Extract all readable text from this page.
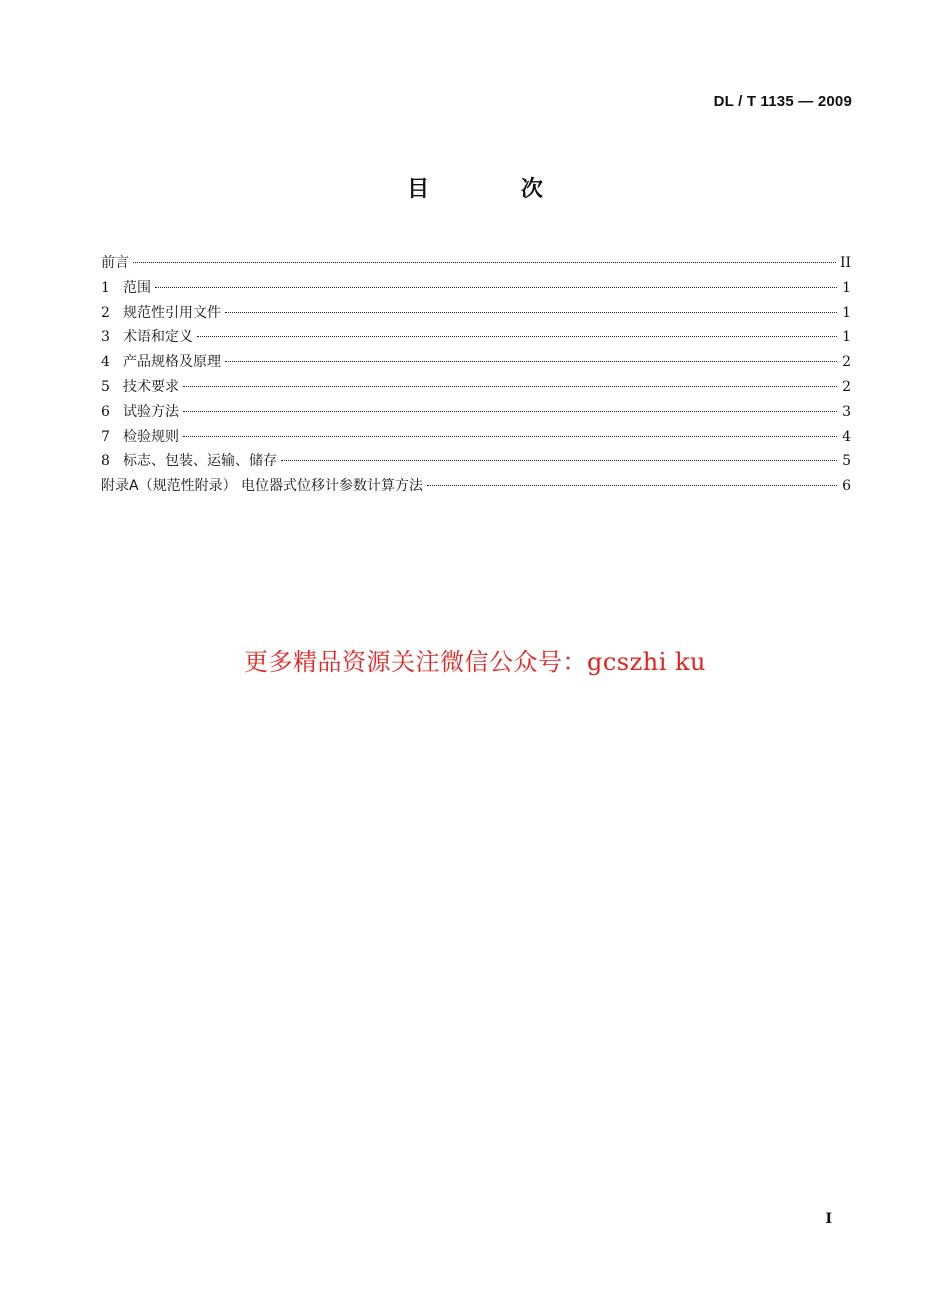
DL / T 1135 — 2009
目 次
前言	II
1 范围	1
2 规范性引用文件	1
3 术语和定义	1
4 产品规格及原理	2
5 技术要求	2
6 试验方法	3
7 检验规则	4
8 标志、包装、运输、储存	5
附录A（规范性附录） 电位器式位移计参数计算方法	6
更多精品资源关注微信公众号：gcszhi ku
I
